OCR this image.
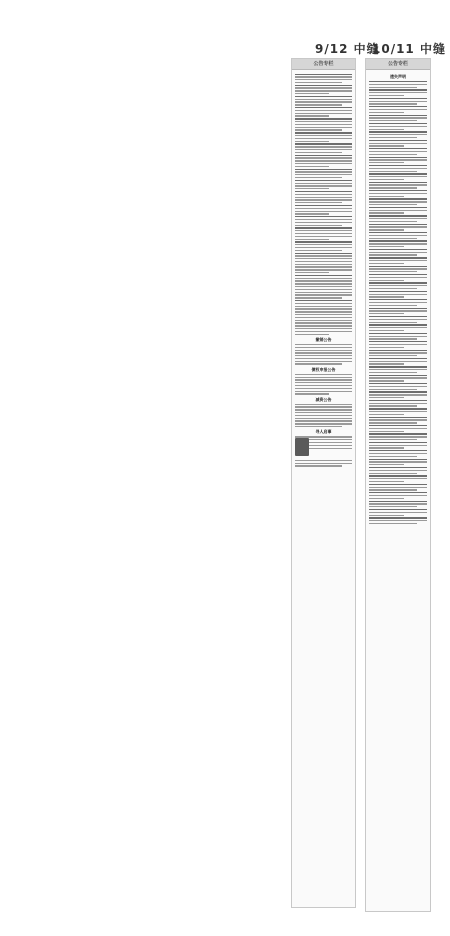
9/12 中缝
10/11 中缝
公告专栏
撤销公告
债权申报公告
减资公告
寻人启事
公告专栏
遗失声明
